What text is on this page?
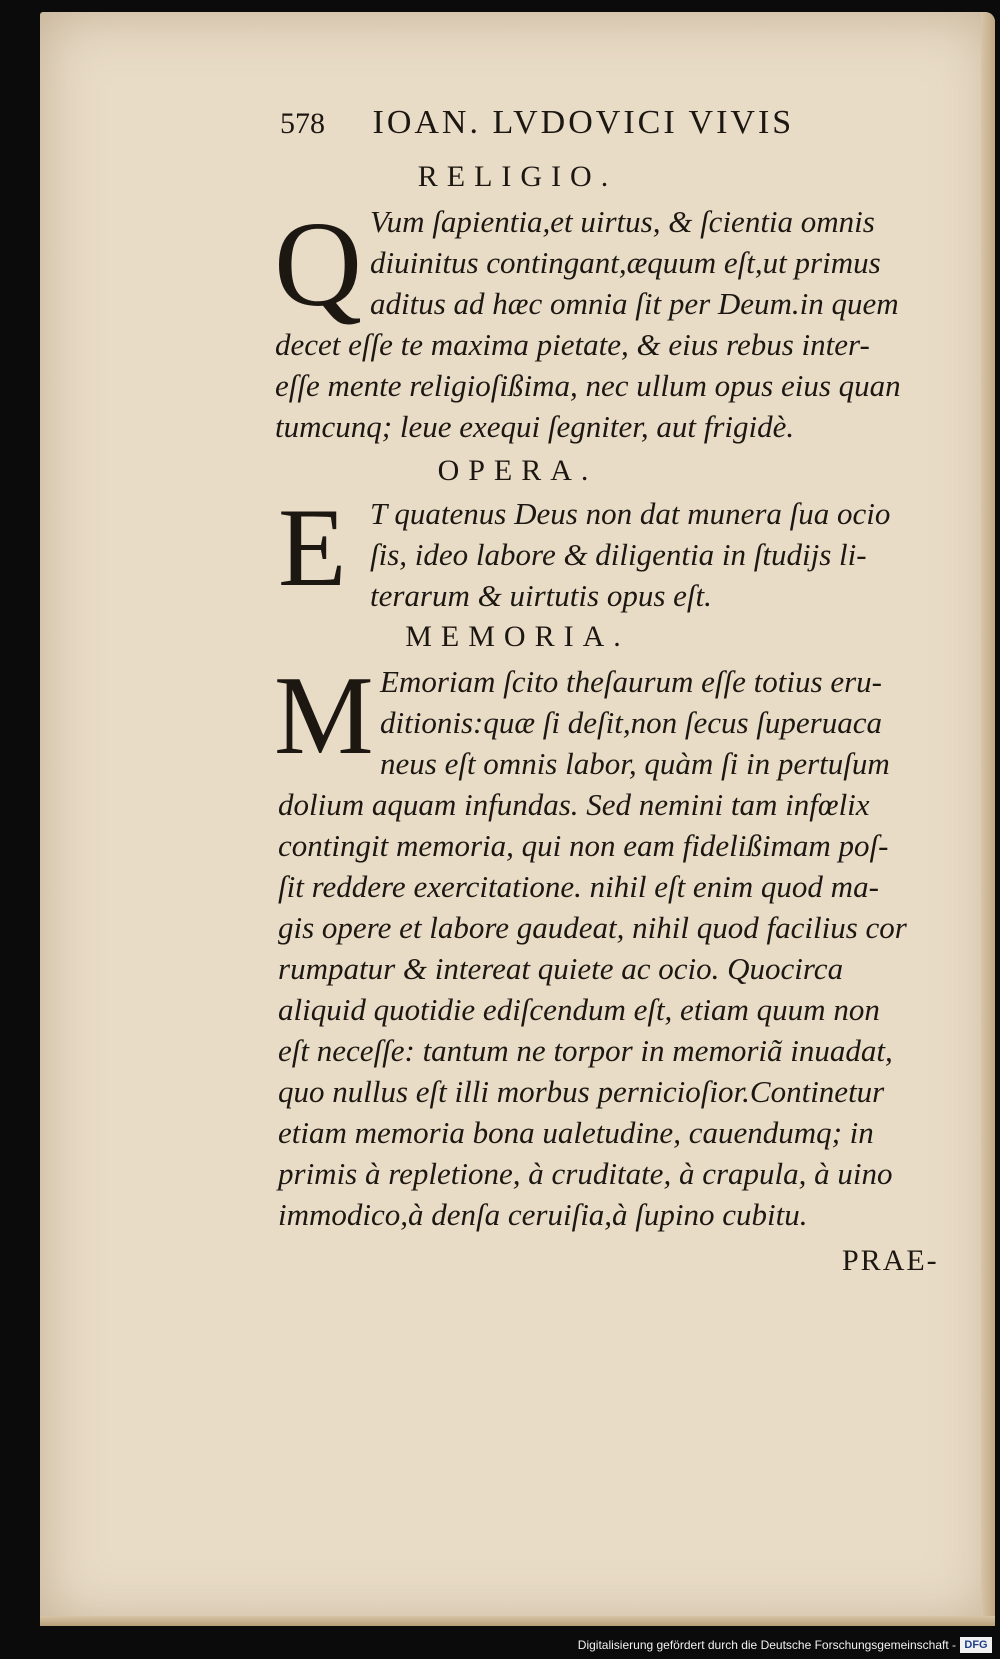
578 IOAN. LVDOVICI VIVIS
RELIGIO.
Q Vum ſapientia,et uirtus, & ſcientia omnis
diuinitus contingant,æquum eſt,ut primus
aditus ad hæc omnia ſit per Deum.in quem
decet eſſe te maxima pietate, & eius rebus inter-
eſſe mente religioſißima, nec ullum opus eius quan
tumcunq; leue exequi ſegniter, aut frigidè.
OPERA.
E T quatenus Deus non dat munera ſua ocio
ſis, ideo labore & diligentia in ſtudijs li-
terarum & uirtutis opus eſt.
MEMORIA.
M Emoriam ſcito theſaurum eſſe totius eru-
ditionis:quæ ſi deſit,non ſecus ſuperuaca
neus eſt omnis labor, quàm ſi in pertuſum
dolium aquam infundas. Sed nemini tam infœlix
contingit memoria, qui non eam fidelißimam poſ-
ſit reddere exercitatione. nihil eſt enim quod ma-
gis opere et labore gaudeat, nihil quod facilius cor
rumpatur & intereat quiete ac ocio. Quocirca
aliquid quotidie ediſcendum eſt, etiam quum non
eſt neceſſe: tantum ne torpor in memoriã inuadat,
quo nullus eſt illi morbus pernicioſior.Continetur
etiam memoria bona ualetudine, cauendumq; in
primis à repletione, à cruditate, à crapula, à uino
immodico,à denſa ceruiſia,à ſupino cubitu.
PRAE-
Digitalisierung gefördert durch die Deutsche Forschungsgemeinschaft - DFG
